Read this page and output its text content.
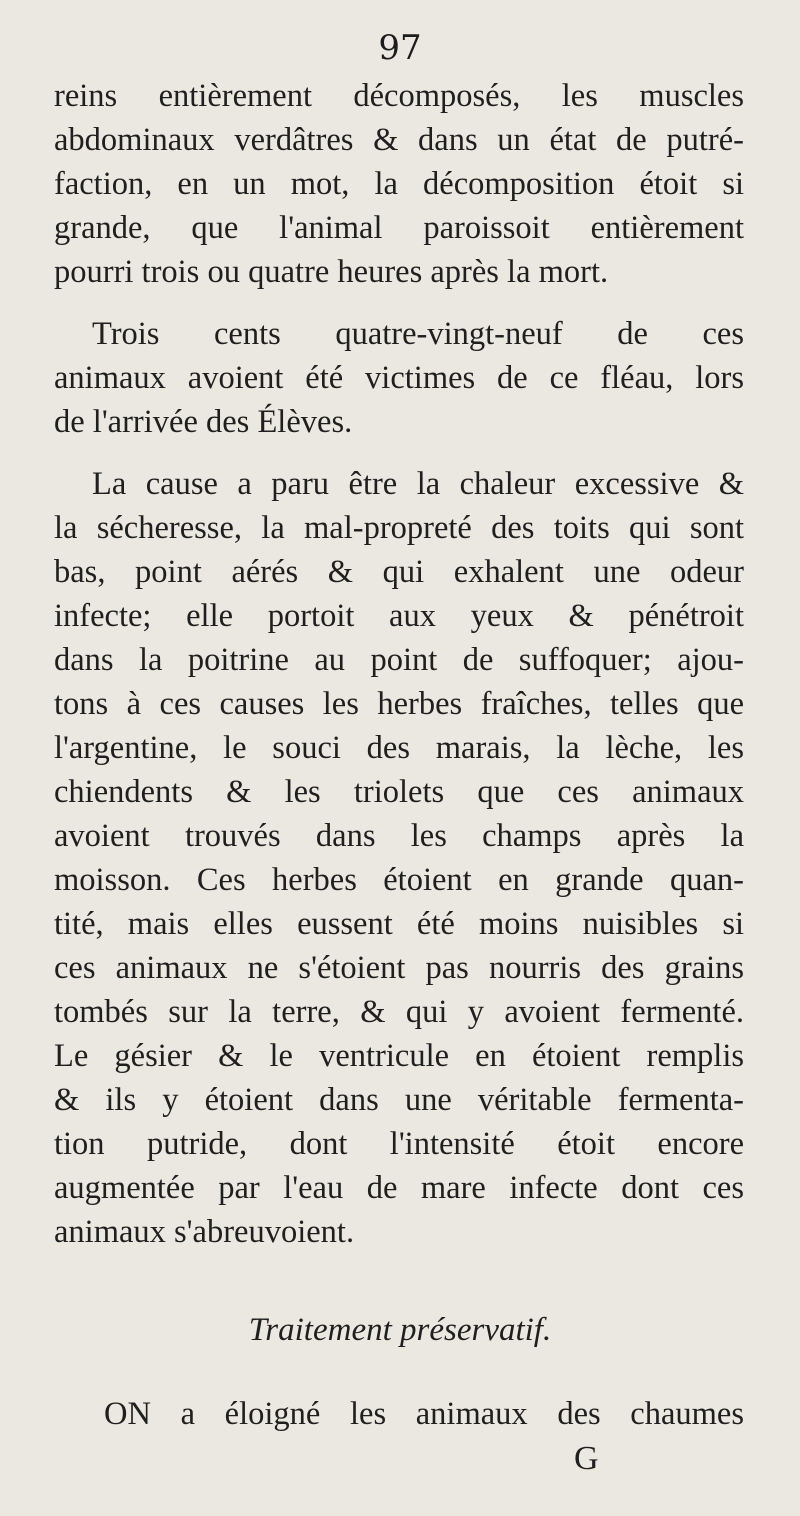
97
reins entièrement décomposés, les muscles
abdominaux verdâtres & dans un état de putré-
faction, en un mot, la décomposition étoit si
grande, que l'animal paroissoit entièrement
pourri trois ou quatre heures après la mort.
Trois cents quatre-vingt-neuf de ces
animaux avoient été victimes de ce fléau, lors
de l'arrivée des Élèves.
La cause a paru être la chaleur excessive &
la sécheresse, la mal-propreté des toits qui sont
bas, point aérés & qui exhalent une odeur
infecte; elle portoit aux yeux & pénétroit
dans la poitrine au point de suffoquer; ajou-
tons à ces causes les herbes fraîches, telles que
l'argentine, le souci des marais, la lèche, les
chiendents & les triolets que ces animaux
avoient trouvés dans les champs après la
moisson. Ces herbes étoient en grande quan-
tité, mais elles eussent été moins nuisibles si
ces animaux ne s'étoient pas nourris des grains
tombés sur la terre, & qui y avoient fermenté.
Le gésier & le ventricule en étoient remplis
& ils y étoient dans une véritable fermenta-
tion putride, dont l'intensité étoit encore
augmentée par l'eau de mare infecte dont ces
animaux s'abreuvoient.
Traitement préservatif.
ON a éloigné les animaux des chaumes
G
